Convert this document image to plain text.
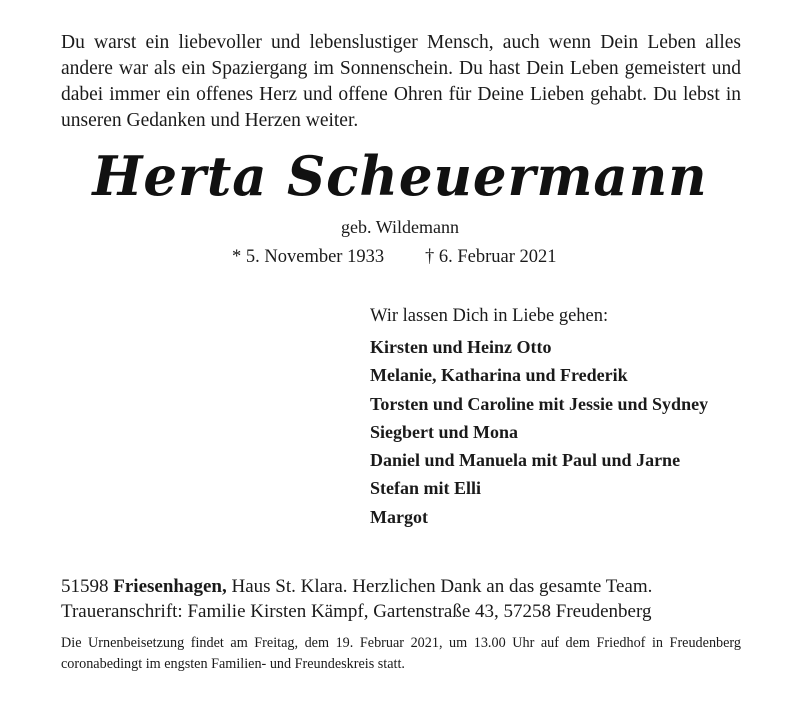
Du warst ein liebevoller und lebenslustiger Mensch, auch wenn Dein Leben alles andere war als ein Spaziergang im Sonnenschein. Du hast Dein Leben gemeistert und dabei immer ein offenes Herz und offene Ohren für Deine Lieben gehabt. Du lebst in unseren Gedanken und Herzen weiter.

Herta Scheuermann

geb. Wildemann

* 5. November 1933 † 6. Februar 2021

Wir lassen Dich in Liebe gehen:

Kirsten und Heinz Otto
Melanie, Katharina und Frederik
Torsten und Caroline mit Jessie und Sydney
Siegbert und Mona
Daniel und Manuela mit Paul und Jarne
Stefan mit Elli
Margot

51598 Friesenhagen, Haus St. Klara. Herzlichen Dank an das gesamte Team.

Traueranschrift: Familie Kirsten Kämpf, Gartenstraße 43, 57258 Freudenberg

Die Urnenbeisetzung findet am Freitag, dem 19. Februar 2021, um 13.00 Uhr auf dem Friedhof in Freudenberg coronabedingt im engsten Familien- und Freundeskreis statt.
